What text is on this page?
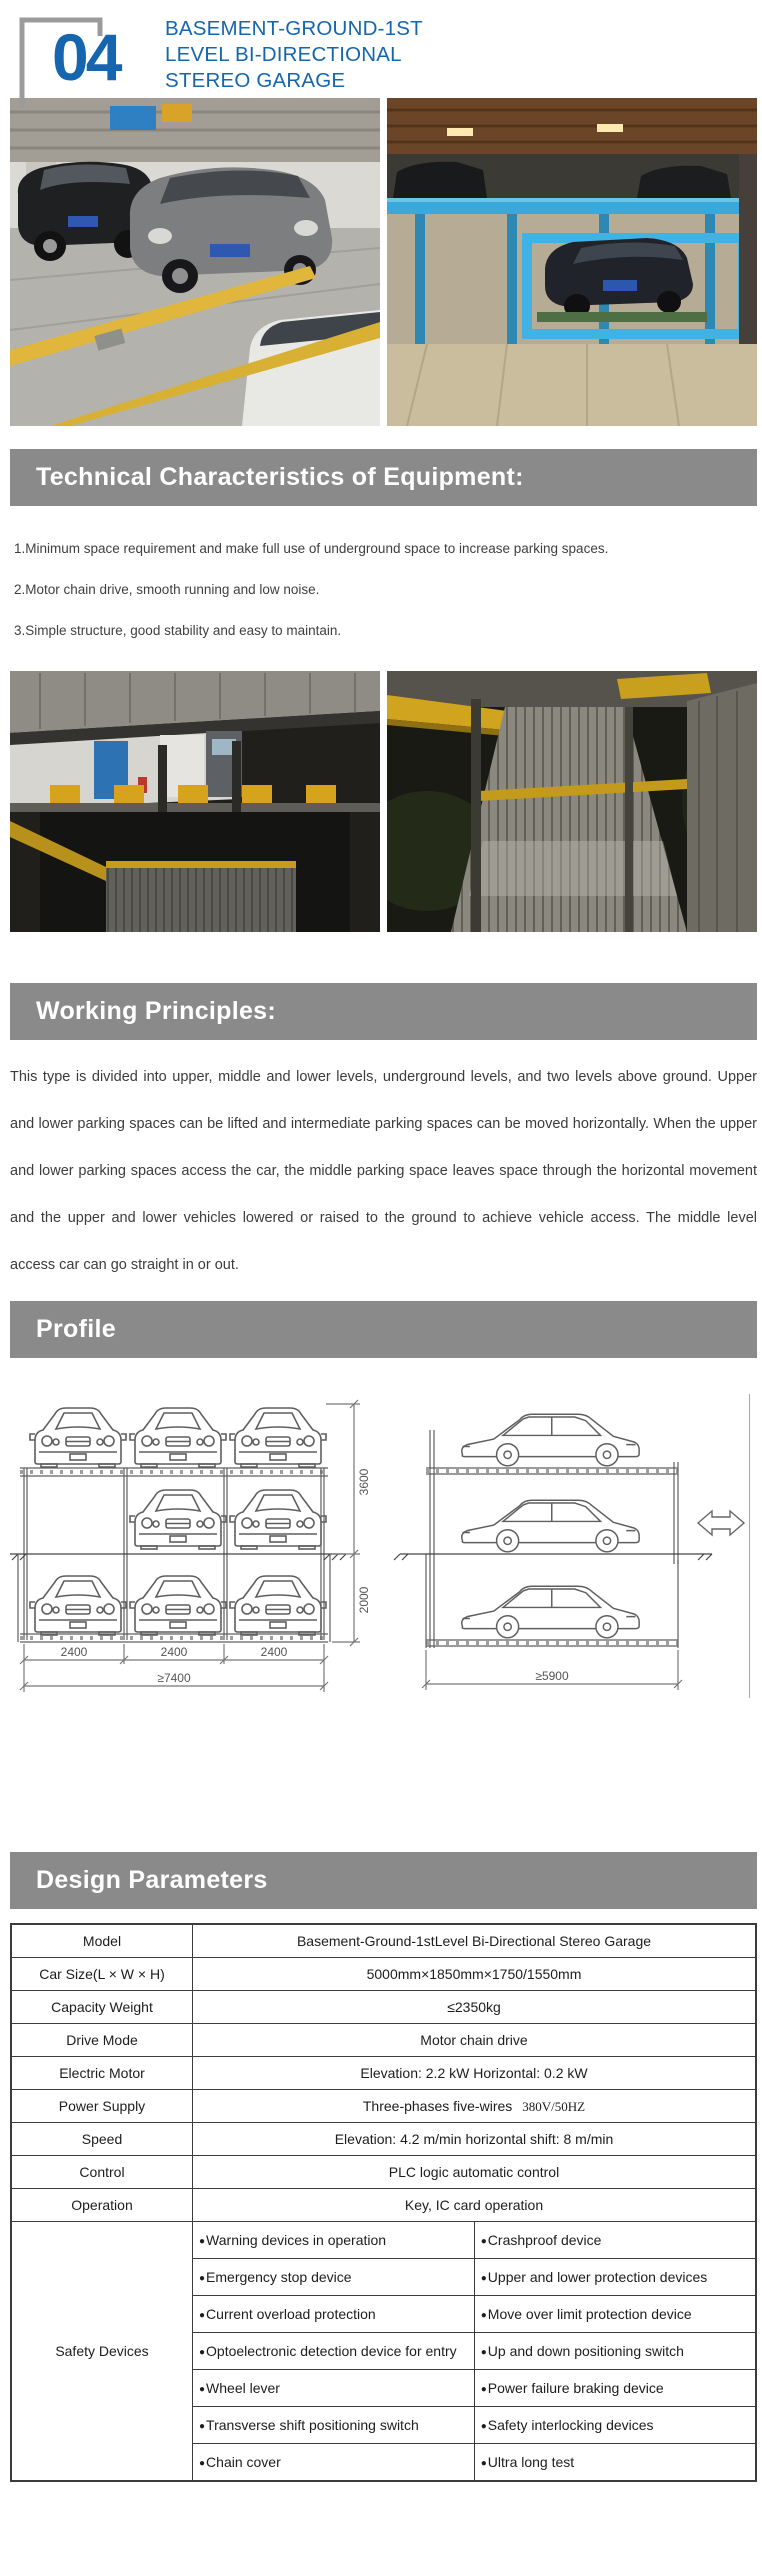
04 BASEMENT-GROUND-1ST
LEVEL BI-DIRECTIONAL
STEREO GARAGE
Technical Characteristics of Equipment:
1.Minimum space requirement and make full use of underground space to increase parking spaces.
2.Motor chain drive, smooth running and low noise.
3.Simple structure, good stability and easy to maintain.
Working Principles:

This type is divided into upper, middle and lower levels, underground levels, and two levels above ground. Upper and lower parking spaces can be lifted and intermediate parking spaces can be moved horizontally. When the upper and lower parking spaces access the car, the middle parking space leaves space through the horizontal movement and the upper and lower vehicles lowered or raised to the ground to achieve vehicle access. The middle level access car can go straight in or out.

Profile
3600
2000
2400	2400	2400
≥7400	≥5900
Design Parameters
Model	Basement-Ground-1stLevel Bi-Directional Stereo Garage	
Car Size(L × W × H)	5000mm×1850mm×1750/1550mm	
Capacity Weight	≤2350kg	
Drive Mode	Motor chain drive	
Electric Motor	Elevation: 2.2 kW Horizontal: 0.2 kW	
Power Supply	Three-phases five-wires 380V/50HZ	
Speed	Elevation: 4.2 m/min horizontal shift: 8 m/min	
Control	PLC logic automatic control	
Operation	Key, IC card operation	
Safety Devices	● Warning devices in operation	● Crashproof device
	● Emergency stop device	● Upper and lower protection devices
	● Current overload protection	● Move over limit protection device
	● Optoelectronic detection device for entry	● Up and down positioning switch
	● Wheel lever	● Power failure braking device
	● Transverse shift positioning switch	● Safety interlocking devices
	● Chain cover	● Ultra long test
